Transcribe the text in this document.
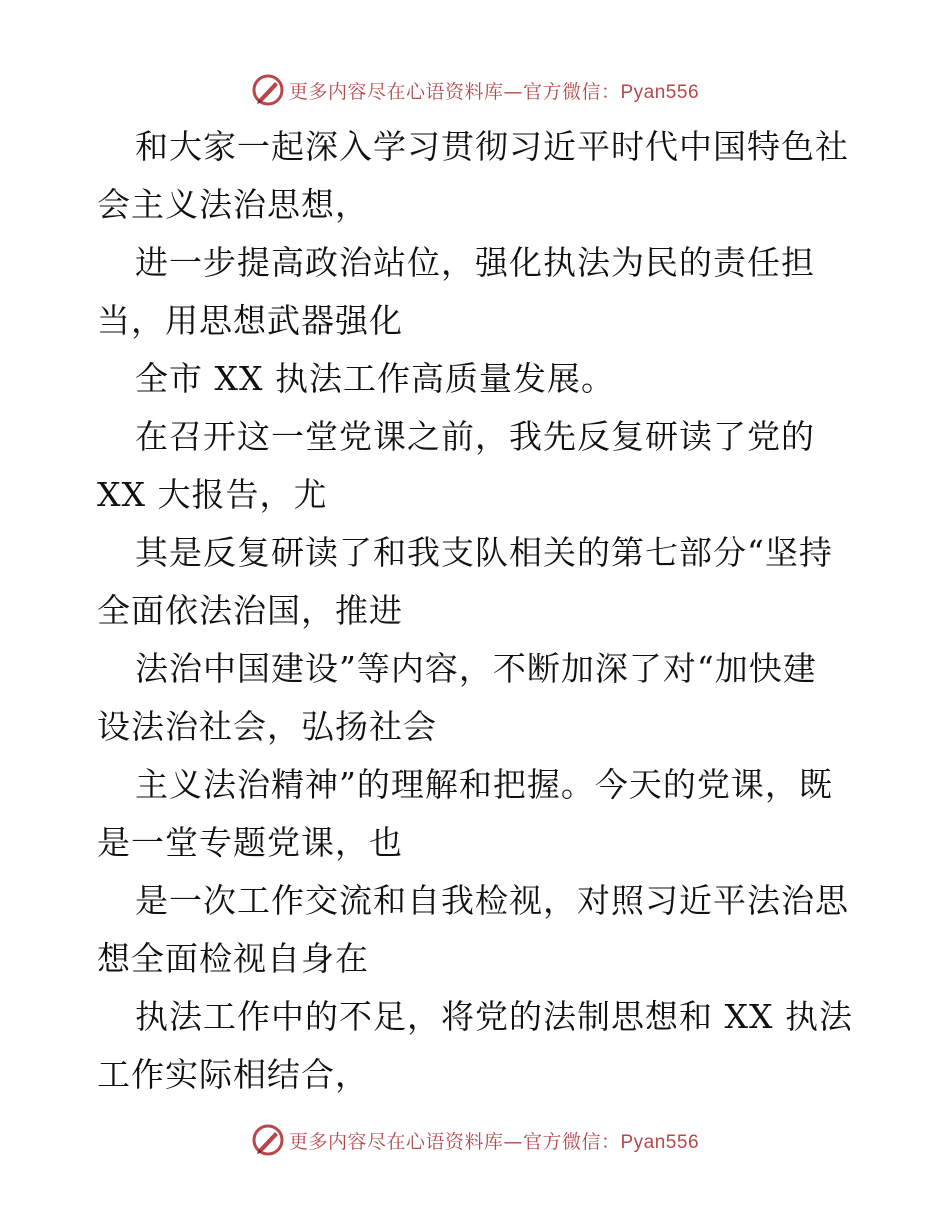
更多内容尽在心语资料库—官方微信：Pyan556

和大家一起深入学习贯彻习近平时代中国特色社

会主义法治思想，

进一步提高政治站位，强化执法为民的责任担

当，用思想武器强化

全市 XX 执法工作高质量发展。

在召开这一堂党课之前，我先反复研读了党的

XX 大报告，尤

其是反复研读了和我支队相关的第七部分“坚持

全面依法治国，推进

法治中国建设”等内容，不断加深了对“加快建

设法治社会，弘扬社会

主义法治精神”的理解和把握。今天的党课，既

是一堂专题党课，也

是一次工作交流和自我检视，对照习近平法治思

想全面检视自身在

执法工作中的不足，将党的法制思想和 XX 执法

工作实际相结合，

更多内容尽在心语资料库—官方微信：Pyan556
